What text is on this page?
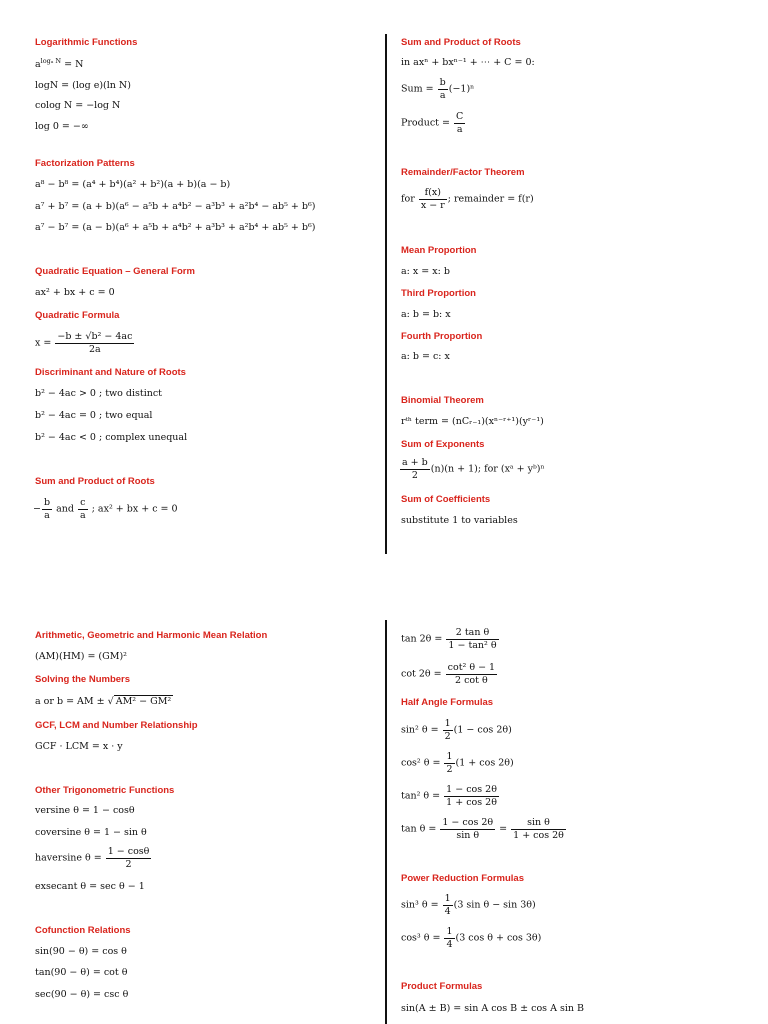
Logarithmic Functions
$a^{log_a N} = N$
logN = (log e)(ln N)
colog N = −log N
log 0 = −∞
Factorization Patterns
a⁸ − b⁸ = (a⁴ + b⁴)(a² + b²)(a + b)(a − b)
a⁷ + b⁷ = (a + b)(a⁶ − a⁵b + a⁴b² − a³b³ + a²b⁴ − ab⁵ + b⁶)
a⁷ − b⁷ = (a − b)(a⁶ + a⁵b + a⁴b² + a³b³ + a²b⁴ + ab⁵ + b⁶)
Quadratic Equation – General Form
ax² + bx + c = 0
Quadratic Formula
$x = \frac{\text{−b ± √b² − 4ac}}{2a}$
Discriminant and Nature of Roots
b² − 4ac > 0 ; two distinct
b² − 4ac = 0 ; two equal
b² − 4ac < 0 ; complex unequal
Sum and Product of Roots
− $\frac{b}{a}$ and $\frac{c}{a}$ ; ax² + bx + c = 0
Sum and Product of Roots
in axⁿ + bxⁿ⁻¹ + ⋯ + C = 0:
Sum = $\frac{b}{a} (-1)^n$
Product = $\frac{C}{a}$
Remainder/Factor Theorem
for $\frac{f(x)}{x - r}$ ; remainder = f(r)
Mean Proportion
a: x = x: b
Third Proportion
a: b = b: x
Fourth Proportion
a: b = c: x
Binomial Theorem
rᵗʰ term = (nCᵣ₋₁)(xⁿ⁻ʳ⁺¹)(yʳ⁻¹)
Sum of Exponents
$\frac{a + b}{2} (n)(n + 1)$; for (xᵃ + yᵇ)ⁿ
Sum of Coefficients
substitute 1 to variables
Arithmetic, Geometric and Harmonic Mean Relation
(AM)(HM) = (GM)²
Solving the Numbers
a or b = AM ± √ AM² − GM²
GCF, LCM and Number Relationship
GCF · LCM = x · y
Other Trigonometric Functions
versine θ = 1 − cosθ
coversine θ = 1 − sin θ
haversine $\theta = \frac{1 - \cos\theta}{2}$
exsecant θ = sec θ − 1
Cofunction Relations
sin(90 − θ) = cos θ
tan(90 − θ) = cot θ
sec(90 − θ) = csc θ
$\tan 2\theta = \frac{\text{2 tan θ}}{\text{1 − tan² θ}}$
$\cot 2\theta = \frac{\text{cot² θ − 1}}{\text{2 cot θ}}$
Half Angle Formulas
sin² $\theta = \frac{1}{2} (1 - \cos 2\theta)$
cos² $\theta = \frac{1}{2} (1 + \cos 2\theta)$
tan² $\theta = \frac{1 - \cos 2\theta}{1 + \cos 2\theta}$
$\tan \theta = \frac{1 - \cos 2\theta}{\text{sin θ}} = \frac{\text{sin θ}}{1 + \cos 2\theta}$
Power Reduction Formulas
sin³ $\theta = \frac{1}{4} (3$ sin θ − sin 3θ)
cos³ $\theta = \frac{1}{4} (3$ cos θ + cos 3θ)
Product Formulas
sin(A ± B) = sin A cos B ± cos A sin B
